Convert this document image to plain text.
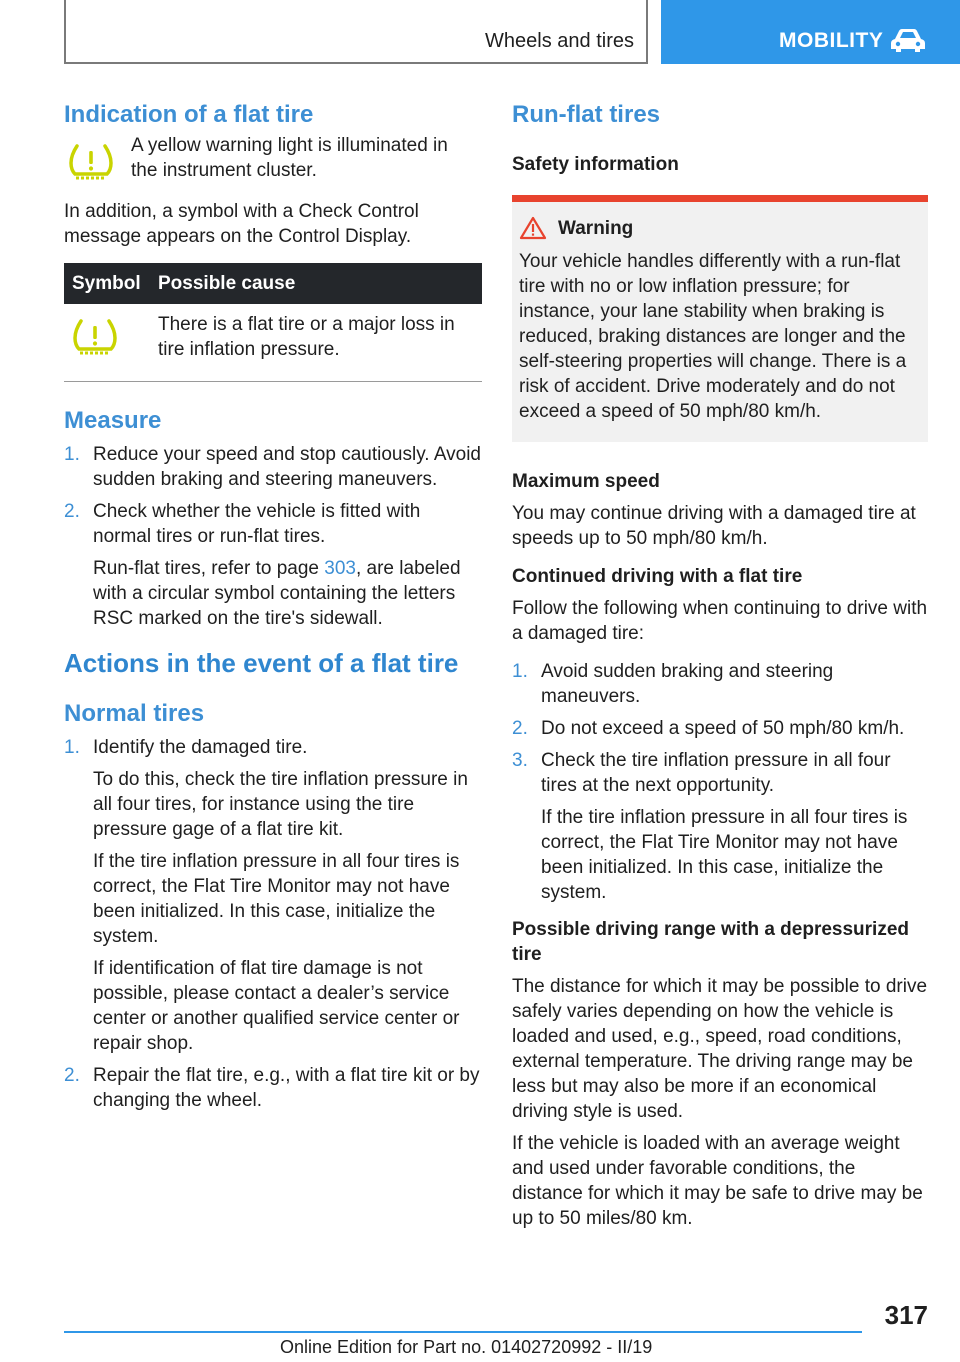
Wheels and tires	MOBILITY
Indication of a flat tire

A yellow warning light is illuminated in the instrument cluster.

In addition, a symbol with a Check Control message appears on the Control Display.

Symbol	Possible cause
	There is a flat tire or a major loss in tire inflation pressure.
Measure
1. Reduce your speed and stop cautiously. Avoid sudden braking and steering maneuvers.

2. Check whether the vehicle is fitted with normal tires or run-flat tires.

Run-flat tires, refer to page 303, are labeled with a circular symbol containing the letters RSC marked on the tire's sidewall.

Actions in the event of a flat tire
Normal tires
1. Identify the damaged tire.

To do this, check the tire inflation pressure in all four tires, for instance using the tire pressure gage of a flat tire kit.

If the tire inflation pressure in all four tires is correct, the Flat Tire Monitor may not have been initialized. In this case, initialize the system.

If identification of flat tire damage is not possible, please contact a dealer’s service center or another qualified service center or repair shop.

2. Repair the flat tire, e.g., with a flat tire kit or by changing the wheel.

Run-flat tires
Safety information
Warning

Your vehicle handles differently with a run-flat tire with no or low inflation pressure; for instance, your lane stability when braking is reduced, braking distances are longer and the self-steering properties will change. There is a risk of accident. Drive moderately and do not exceed a speed of 50 mph/80 km/h.

Maximum speed

You may continue driving with a damaged tire at speeds up to 50 mph/80 km/h.

Continued driving with a flat tire

Follow the following when continuing to drive with a damaged tire:

1. Avoid sudden braking and steering maneuvers.

2. Do not exceed a speed of 50 mph/80 km/h.

3. Check the tire inflation pressure in all four tires at the next opportunity.

If the tire inflation pressure in all four tires is correct, the Flat Tire Monitor may not have been initialized. In this case, initialize the system.

Possible driving range with a depressurized tire

The distance for which it may be possible to drive safely varies depending on how the vehicle is loaded and used, e.g., speed, road conditions, external temperature. The driving range may be less but may also be more if an economical driving style is used.

If the vehicle is loaded with an average weight and used under favorable conditions, the distance for which it may be safe to drive may be up to 50 miles/80 km.

317
Online Edition for Part no. 01402720992 - II/19
